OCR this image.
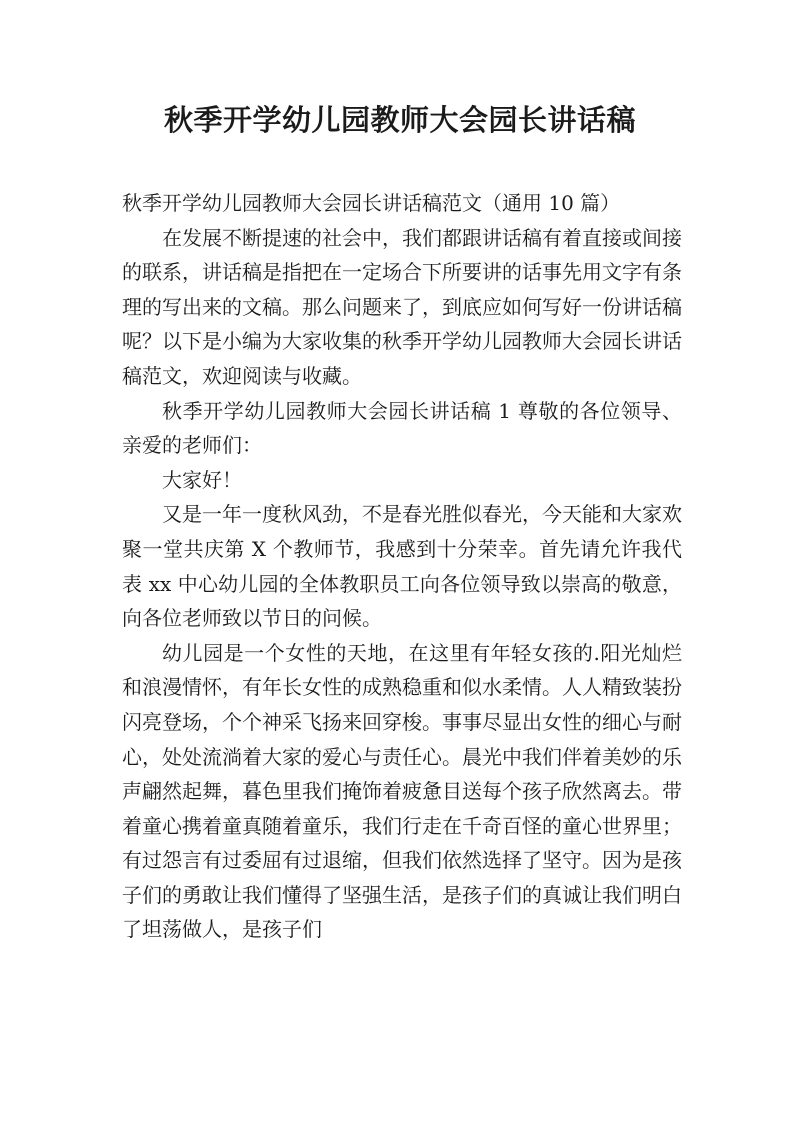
秋季开学幼儿园教师大会园长讲话稿

秋季开学幼儿园教师大会园长讲话稿范文（通用 10 篇）

在发展不断提速的社会中，我们都跟讲话稿有着直接或间接的联系，讲话稿是指把在一定场合下所要讲的话事先用文字有条理的写出来的文稿。那么问题来了，到底应如何写好一份讲话稿呢？以下是小编为大家收集的秋季开学幼儿园教师大会园长讲话稿范文，欢迎阅读与收藏。

秋季开学幼儿园教师大会园长讲话稿 1 尊敬的各位领导、亲爱的老师们：

大家好！

又是一年一度秋风劲，不是春光胜似春光，今天能和大家欢聚一堂共庆第 X 个教师节，我感到十分荣幸。首先请允许我代表 xx 中心幼儿园的全体教职员工向各位领导致以崇高的敬意，向各位老师致以节日的问候。

幼儿园是一个女性的天地，在这里有年轻女孩的.阳光灿烂和浪漫情怀，有年长女性的成熟稳重和似水柔情。人人精致装扮闪亮登场，个个神采飞扬来回穿梭。事事尽显出女性的细心与耐心，处处流淌着大家的爱心与责任心。晨光中我们伴着美妙的乐声翩然起舞，暮色里我们掩饰着疲惫目送每个孩子欣然离去。带着童心携着童真随着童乐，我们行走在千奇百怪的童心世界里；有过怨言有过委屈有过退缩，但我们依然选择了坚守。因为是孩子们的勇敢让我们懂得了坚强生活，是孩子们的真诚让我们明白了坦荡做人，是孩子们
